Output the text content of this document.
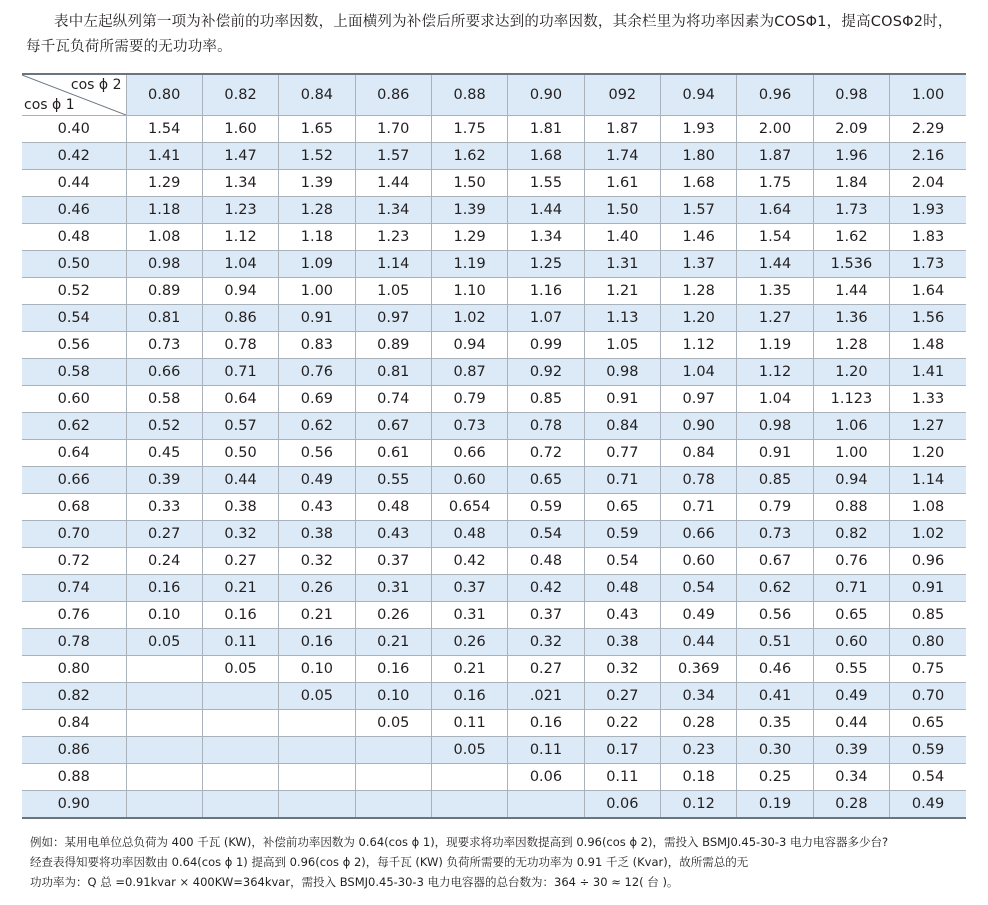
表中左起纵列第一项为补偿前的功率因数，上面横列为补偿后所要求达到的功率因数，其余栏里为将功率因素为COSΦ1，提高COSΦ2时，
每千瓦负荷所需要的无功功率。
cos ϕ 2
cos ϕ 1	0.80	0.82	0.84	0.86	0.88	0.90	092	0.94	0.96	0.98	1.00
0.40	1.54	1.60	1.65	1.70	1.75	1.81	1.87	1.93	2.00	2.09	2.29
0.42	1.41	1.47	1.52	1.57	1.62	1.68	1.74	1.80	1.87	1.96	2.16
0.44	1.29	1.34	1.39	1.44	1.50	1.55	1.61	1.68	1.75	1.84	2.04
0.46	1.18	1.23	1.28	1.34	1.39	1.44	1.50	1.57	1.64	1.73	1.93
0.48	1.08	1.12	1.18	1.23	1.29	1.34	1.40	1.46	1.54	1.62	1.83
0.50	0.98	1.04	1.09	1.14	1.19	1.25	1.31	1.37	1.44	1.536	1.73
0.52	0.89	0.94	1.00	1.05	1.10	1.16	1.21	1.28	1.35	1.44	1.64
0.54	0.81	0.86	0.91	0.97	1.02	1.07	1.13	1.20	1.27	1.36	1.56
0.56	0.73	0.78	0.83	0.89	0.94	0.99	1.05	1.12	1.19	1.28	1.48
0.58	0.66	0.71	0.76	0.81	0.87	0.92	0.98	1.04	1.12	1.20	1.41
0.60	0.58	0.64	0.69	0.74	0.79	0.85	0.91	0.97	1.04	1.123	1.33
0.62	0.52	0.57	0.62	0.67	0.73	0.78	0.84	0.90	0.98	1.06	1.27
0.64	0.45	0.50	0.56	0.61	0.66	0.72	0.77	0.84	0.91	1.00	1.20
0.66	0.39	0.44	0.49	0.55	0.60	0.65	0.71	0.78	0.85	0.94	1.14
0.68	0.33	0.38	0.43	0.48	0.654	0.59	0.65	0.71	0.79	0.88	1.08
0.70	0.27	0.32	0.38	0.43	0.48	0.54	0.59	0.66	0.73	0.82	1.02
0.72	0.24	0.27	0.32	0.37	0.42	0.48	0.54	0.60	0.67	0.76	0.96
0.74	0.16	0.21	0.26	0.31	0.37	0.42	0.48	0.54	0.62	0.71	0.91
0.76	0.10	0.16	0.21	0.26	0.31	0.37	0.43	0.49	0.56	0.65	0.85
0.78	0.05	0.11	0.16	0.21	0.26	0.32	0.38	0.44	0.51	0.60	0.80
0.80		0.05	0.10	0.16	0.21	0.27	0.32	0.369	0.46	0.55	0.75
0.82			0.05	0.10	0.16	.021	0.27	0.34	0.41	0.49	0.70
0.84				0.05	0.11	0.16	0.22	0.28	0.35	0.44	0.65
0.86					0.05	0.11	0.17	0.23	0.30	0.39	0.59
0.88						0.06	0.11	0.18	0.25	0.34	0.54
0.90							0.06	0.12	0.19	0.28	0.49

例如：某用电单位总负荷为 400 千瓦 (KW)，补偿前功率因数为 0.64(cos ϕ 1)，现要求将功率因数提高到 0.96(cos ϕ 2)，需投入 BSMJ0.45-30-3 电力电容器多少台?

经查表得知要将功率因数由 0.64(cos ϕ 1) 提高到 0.96(cos ϕ 2)，每千瓦 (KW) 负荷所需要的无功功率为 0.91 千乏 (Kvar)，故所需总的无

功功率为：Q 总 =0.91kvar × 400KW=364kvar，需投入 BSMJ0.45-30-3 电力电容器的总台数为：364 ÷ 30 ≈ 12( 台 )。
